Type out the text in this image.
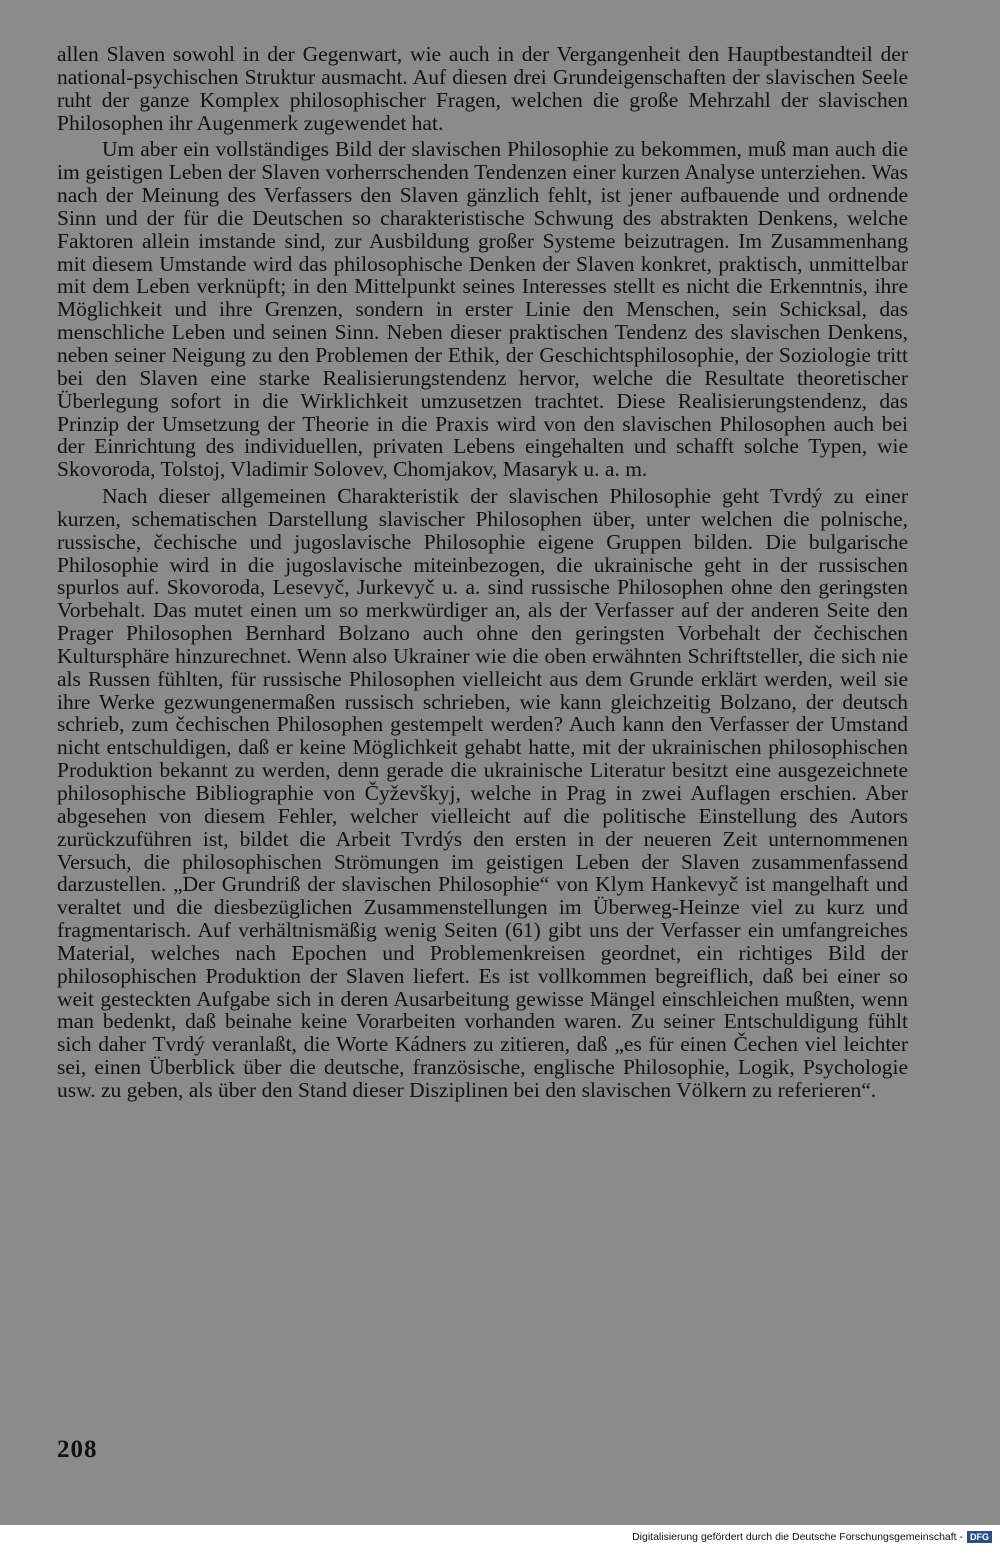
allen Slaven sowohl in der Gegenwart, wie auch in der Vergangenheit den Hauptbestandteil der national-psychischen Struktur ausmacht. Auf diesen drei Grundeigenschaften der slavischen Seele ruht der ganze Komplex philosophischer Fragen, welchen die große Mehrzahl der slavischen Philosophen ihr Augenmerk zugewendet hat.

Um aber ein vollständiges Bild der slavischen Philosophie zu bekommen, muß man auch die im geistigen Leben der Slaven vorherrschenden Tendenzen einer kurzen Analyse unterziehen. Was nach der Meinung des Verfassers den Slaven gänzlich fehlt, ist jener aufbauende und ordnende Sinn und der für die Deutschen so charakteristische Schwung des abstrakten Denkens, welche Faktoren allein imstande sind, zur Ausbildung großer Systeme beizutragen. Im Zusammenhang mit diesem Umstande wird das philosophische Denken der Slaven konkret, praktisch, unmittelbar mit dem Leben verknüpft; in den Mittelpunkt seines Interesses stellt es nicht die Erkenntnis, ihre Möglichkeit und ihre Grenzen, sondern in erster Linie den Menschen, sein Schicksal, das menschliche Leben und seinen Sinn. Neben dieser praktischen Tendenz des slavischen Denkens, neben seiner Neigung zu den Problemen der Ethik, der Geschichtsphilosophie, der Soziologie tritt bei den Slaven eine starke Realisierungstendenz hervor, welche die Resultate theoretischer Überlegung sofort in die Wirklichkeit umzusetzen trachtet. Diese Realisierungstendenz, das Prinzip der Umsetzung der Theorie in die Praxis wird von den slavischen Philosophen auch bei der Einrichtung des individuellen, privaten Lebens eingehalten und schafft solche Typen, wie Skovoroda, Tolstoj, Vladimir Solovev, Chomjakov, Masaryk u. a. m.

Nach dieser allgemeinen Charakteristik der slavischen Philosophie geht Tvrdý zu einer kurzen, schematischen Darstellung slavischer Philosophen über, unter welchen die polnische, russische, čechische und jugoslavische Philosophie eigene Gruppen bilden. Die bulgarische Philosophie wird in die jugoslavische miteinbezogen, die ukrainische geht in der russischen spurlos auf. Skovoroda, Lesevyč, Jurkevyč u. a. sind russische Philosophen ohne den geringsten Vorbehalt. Das mutet einen um so merkwürdiger an, als der Verfasser auf der anderen Seite den Prager Philosophen Bernhard Bolzano auch ohne den geringsten Vorbehalt der čechischen Kultursphäre hinzurechnet. Wenn also Ukrainer wie die oben erwähnten Schriftsteller, die sich nie als Russen fühlten, für russische Philosophen vielleicht aus dem Grunde erklärt werden, weil sie ihre Werke gezwungenermaßen russisch schrieben, wie kann gleichzeitig Bolzano, der deutsch schrieb, zum čechischen Philosophen gestempelt werden? Auch kann den Verfasser der Umstand nicht entschuldigen, daß er keine Möglichkeit gehabt hatte, mit der ukrainischen philosophischen Produktion bekannt zu werden, denn gerade die ukrainische Literatur besitzt eine ausgezeichnete philosophische Bibliographie von Čyževškyj, welche in Prag in zwei Auflagen erschien. Aber abgesehen von diesem Fehler, welcher vielleicht auf die politische Einstellung des Autors zurückzuführen ist, bildet die Arbeit Tvrdýs den ersten in der neueren Zeit unternommenen Versuch, die philosophischen Strömungen im geistigen Leben der Slaven zusammenfassend darzustellen. „Der Grundriß der slavischen Philosophie“ von Klym Hankevyč ist mangelhaft und veraltet und die diesbezüglichen Zusammenstellungen im Überweg-Heinze viel zu kurz und fragmentarisch. Auf verhältnismäßig wenig Seiten (61) gibt uns der Verfasser ein umfangreiches Material, welches nach Epochen und Problemenkreisen geordnet, ein richtiges Bild der philosophischen Produktion der Slaven liefert. Es ist vollkommen begreiflich, daß bei einer so weit gesteckten Aufgabe sich in deren Ausarbeitung gewisse Mängel einschleichen mußten, wenn man bedenkt, daß beinahe keine Vorarbeiten vorhanden waren. Zu seiner Entschuldigung fühlt sich daher Tvrdý veranlaßt, die Worte Kádners zu zitieren, daß „es für einen Čechen viel leichter sei, einen Überblick über die deutsche, französische, englische Philosophie, Logik, Psychologie usw. zu geben, als über den Stand dieser Disziplinen bei den slavischen Völkern zu referieren“.

208
Digitalisierung gefördert durch die Deutsche Forschungsgemeinschaft - DFG
